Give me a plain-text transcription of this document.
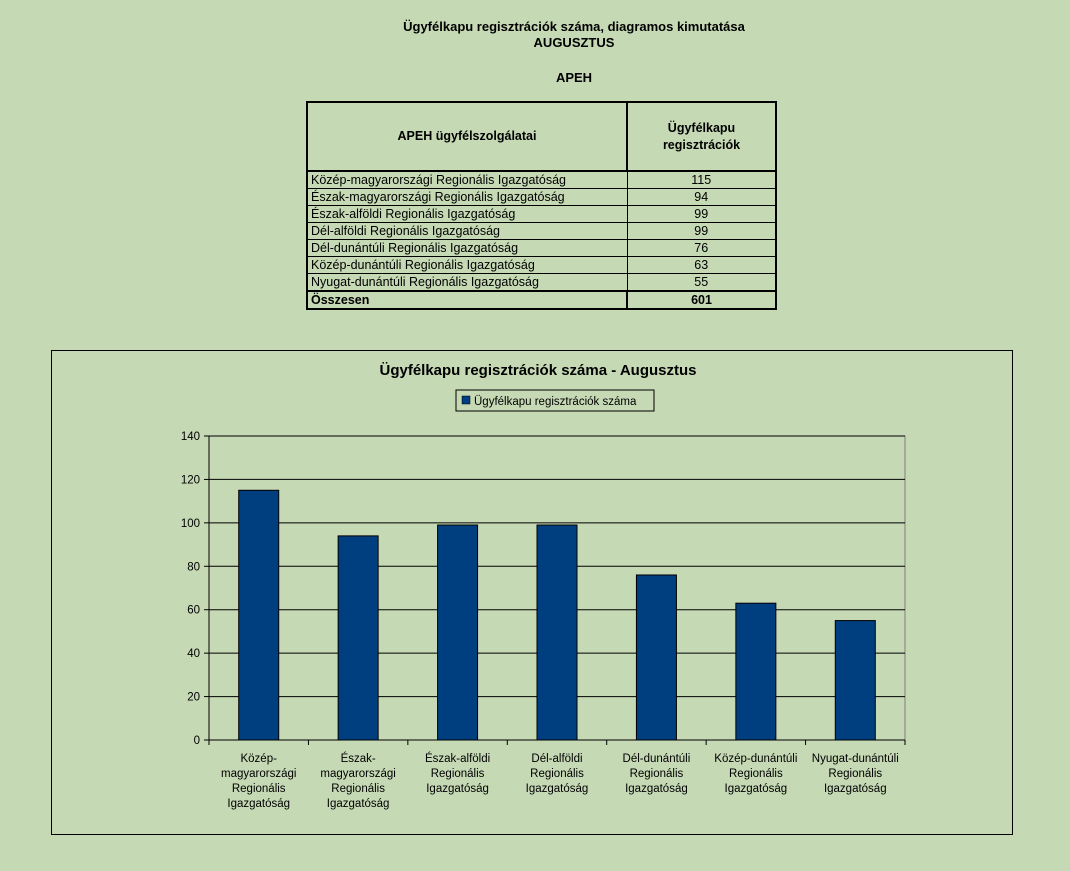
Ügyfélkapu regisztrációk száma, diagramos kimutatása
AUGUSZTUS
APEH
APEH ügyfélszolgálatai	Ügyfélkapu
regisztrációk
Közép-magyarországi Regionális Igazgatóság	115
Észak-magyarországi Regionális Igazgatóság	94
Észak-alföldi Regionális Igazgatóság	99
Dél-alföldi Regionális Igazgatóság	99
Dél-dunántúli Regionális Igazgatóság	76
Közép-dunántúli Regionális Igazgatóság	63
Nyugat-dunántúli Regionális Igazgatóság	55
Összesen	601
Ügyfélkapu regisztrációk száma - Augusztus
Ügyfélkapu regisztrációk száma
0
20
40
60
80
100
120
140
Közép-magyarországi Regionális Igazgatóság
Észak-magyarországi Regionális Igazgatóság
Észak-alföldi Regionális Igazgatóság
Dél-alföldi Regionális Igazgatóság
Dél-dunántúli Regionális Igazgatóság
Közép-dunántúli Regionális Igazgatóság
Nyugat-dunántúli Regionális Igazgatóság
